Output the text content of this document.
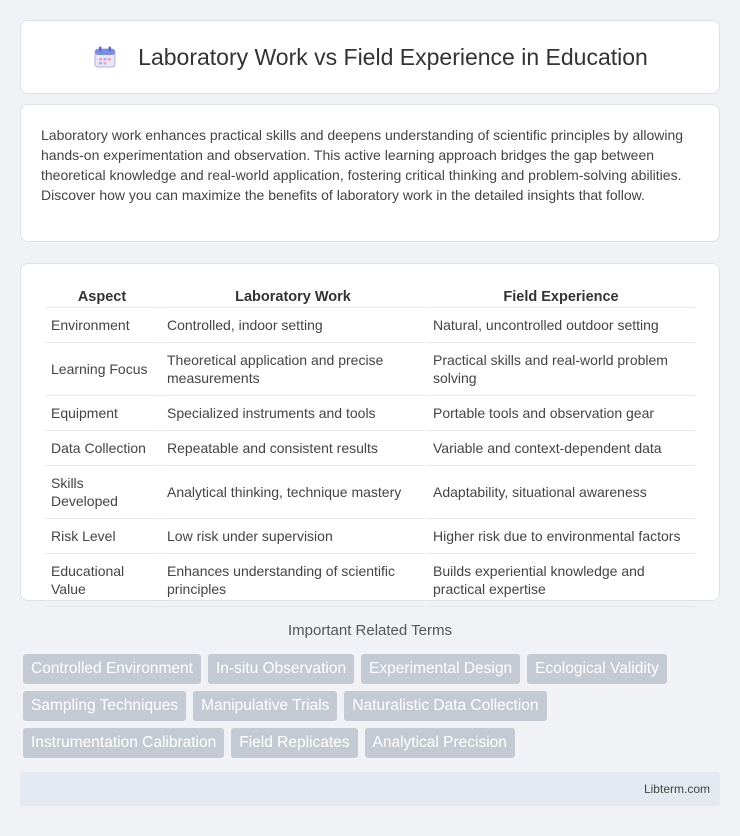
Laboratory Work vs Field Experience in Education

Laboratory work enhances practical skills and deepens understanding of scientific principles by allowing hands-on experimentation and observation. This active learning approach bridges the gap between theoretical knowledge and real-world application, fostering critical thinking and problem-solving abilities. Discover how you can maximize the benefits of laboratory work in the detailed insights that follow.

Aspect	Laboratory Work	Field Experience
Environment	Controlled, indoor setting	Natural, uncontrolled outdoor setting
Learning Focus	Theoretical application and precise measurements	Practical skills and real-world problem solving
Equipment	Specialized instruments and tools	Portable tools and observation gear
Data Collection	Repeatable and consistent results	Variable and context-dependent data
Skills Developed	Analytical thinking, technique mastery	Adaptability, situational awareness
Risk Level	Low risk under supervision	Higher risk due to environmental factors
Educational Value	Enhances understanding of scientific principles	Builds experiential knowledge and practical expertise
Important Related Terms
Controlled Environment	In-situ Observation	Experimental Design	Ecological Validity
Sampling Techniques	Manipulative Trials	Naturalistic Data Collection
Instrumentation Calibration	Field Replicates	Analytical Precision
Libterm.com
